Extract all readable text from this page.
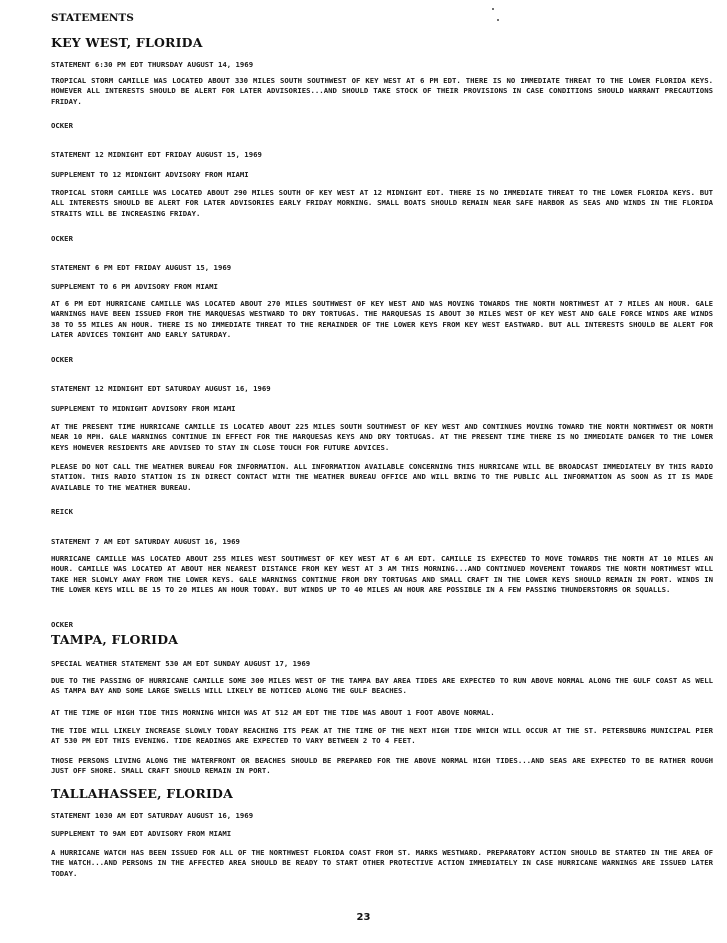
STATEMENTS

KEY WEST, FLORIDA

STATEMENT 6:30 PM EDT THURSDAY AUGUST 14, 1969

TROPICAL STORM CAMILLE WAS LOCATED ABOUT 330 MILES SOUTH SOUTHWEST OF KEY WEST AT 6 PM EDT. THERE IS NO IMMEDIATE THREAT TO THE LOWER FLORIDA KEYS. HOWEVER ALL INTERESTS SHOULD BE ALERT FOR LATER ADVISORIES...AND SHOULD TAKE STOCK OF THEIR PROVISIONS IN CASE CONDITIONS SHOULD WARRANT PRECAUTIONS FRIDAY.

OCKER

STATEMENT 12 MIDNIGHT EDT FRIDAY AUGUST 15, 1969

SUPPLEMENT TO 12 MIDNIGHT ADVISORY FROM MIAMI

TROPICAL STORM CAMILLE WAS LOCATED ABOUT 290 MILES SOUTH OF KEY WEST AT 12 MIDNIGHT EDT. THERE IS NO IMMEDIATE THREAT TO THE LOWER FLORIDA KEYS. BUT ALL INTERESTS SHOULD BE ALERT FOR LATER ADVISORIES EARLY FRIDAY MORNING. SMALL BOATS SHOULD REMAIN NEAR SAFE HARBOR AS SEAS AND WINDS IN THE FLORIDA STRAITS WILL BE INCREASING FRIDAY.

OCKER

STATEMENT 6 PM EDT FRIDAY AUGUST 15, 1969

SUPPLEMENT TO 6 PM ADVISORY FROM MIAMI

AT 6 PM EDT HURRICANE CAMILLE WAS LOCATED ABOUT 270 MILES SOUTHWEST OF KEY WEST AND WAS MOVING TOWARDS THE NORTH NORTHWEST AT 7 MILES AN HOUR. GALE WARNINGS HAVE BEEN ISSUED FROM THE MARQUESAS WESTWARD TO DRY TORTUGAS. THE MARQUESAS IS ABOUT 30 MILES WEST OF KEY WEST AND GALE FORCE WINDS ARE WINDS 38 TO 55 MILES AN HOUR. THERE IS NO IMMEDIATE THREAT TO THE REMAINDER OF THE LOWER KEYS FROM KEY WEST EASTWARD. BUT ALL INTERESTS SHOULD BE ALERT FOR LATER ADVICES TONIGHT AND EARLY SATURDAY.

OCKER

STATEMENT 12 MIDNIGHT EDT SATURDAY AUGUST 16, 1969

SUPPLEMENT TO MIDNIGHT ADVISORY FROM MIAMI

AT THE PRESENT TIME HURRICANE CAMILLE IS LOCATED ABOUT 225 MILES SOUTH SOUTHWEST OF KEY WEST AND CONTINUES MOVING TOWARD THE NORTH NORTHWEST OR NORTH NEAR 10 MPH. GALE WARNINGS CONTINUE IN EFFECT FOR THE MARQUESAS KEYS AND DRY TORTUGAS. AT THE PRESENT TIME THERE IS NO IMMEDIATE DANGER TO THE LOWER KEYS HOWEVER RESIDENTS ARE ADVISED TO STAY IN CLOSE TOUCH FOR FUTURE ADVICES.

PLEASE DO NOT CALL THE WEATHER BUREAU FOR INFORMATION. ALL INFORMATION AVAILABLE CONCERNING THIS HURRICANE WILL BE BROADCAST IMMEDIATELY BY THIS RADIO STATION. THIS RADIO STATION IS IN DIRECT CONTACT WITH THE WEATHER BUREAU OFFICE AND WILL BRING TO THE PUBLIC ALL INFORMATION AS SOON AS IT IS MADE AVAILABLE TO THE WEATHER BUREAU.

REICK

STATEMENT 7 AM EDT SATURDAY AUGUST 16, 1969

HURRICANE CAMILLE WAS LOCATED ABOUT 255 MILES WEST SOUTHWEST OF KEY WEST AT 6 AM EDT. CAMILLE IS EXPECTED TO MOVE TOWARDS THE NORTH AT 10 MILES AN HOUR. CAMILLE WAS LOCATED AT ABOUT HER NEAREST DISTANCE FROM KEY WEST AT 3 AM THIS MORNING...AND CONTINUED MOVEMENT TOWARDS THE NORTH NORTHWEST WILL TAKE HER SLOWLY AWAY FROM THE LOWER KEYS. GALE WARNINGS CONTINUE FROM DRY TORTUGAS AND SMALL CRAFT IN THE LOWER KEYS SHOULD REMAIN IN PORT. WINDS IN THE LOWER KEYS WILL BE 15 TO 20 MILES AN HOUR TODAY. BUT WINDS UP TO 40 MILES AN HOUR ARE POSSIBLE IN A FEW PASSING THUNDERSTORMS OR SQUALLS.

OCKER

TAMPA, FLORIDA

SPECIAL WEATHER STATEMENT 530 AM EDT SUNDAY AUGUST 17, 1969

DUE TO THE PASSING OF HURRICANE CAMILLE SOME 300 MILES WEST OF THE TAMPA BAY AREA TIDES ARE EXPECTED TO RUN ABOVE NORMAL ALONG THE GULF COAST AS WELL AS TAMPA BAY AND SOME LARGE SWELLS WILL LIKELY BE NOTICED ALONG THE GULF BEACHES.

AT THE TIME OF HIGH TIDE THIS MORNING WHICH WAS AT 512 AM EDT THE TIDE WAS ABOUT 1 FOOT ABOVE NORMAL.

THE TIDE WILL LIKELY INCREASE SLOWLY TODAY REACHING ITS PEAK AT THE TIME OF THE NEXT HIGH TIDE WHICH WILL OCCUR AT THE ST. PETERSBURG MUNICIPAL PIER AT 530 PM EDT THIS EVENING. TIDE READINGS ARE EXPECTED TO VARY BETWEEN 2 TO 4 FEET.

THOSE PERSONS LIVING ALONG THE WATERFRONT OR BEACHES SHOULD BE PREPARED FOR THE ABOVE NORMAL HIGH TIDES...AND SEAS ARE EXPECTED TO BE RATHER ROUGH JUST OFF SHORE. SMALL CRAFT SHOULD REMAIN IN PORT.

TALLAHASSEE, FLORIDA

STATEMENT 1030 AM EDT SATURDAY AUGUST 16, 1969

SUPPLEMENT TO 9AM EDT ADVISORY FROM MIAMI

A HURRICANE WATCH HAS BEEN ISSUED FOR ALL OF THE NORTHWEST FLORIDA COAST FROM ST. MARKS WESTWARD. PREPARATORY ACTION SHOULD BE STARTED IN THE AREA OF THE WATCH...AND PERSONS IN THE AFFECTED AREA SHOULD BE READY TO START OTHER PROTECTIVE ACTION IMMEDIATELY IN CASE HURRICANE WARNINGS ARE ISSUED LATER TODAY.

23
